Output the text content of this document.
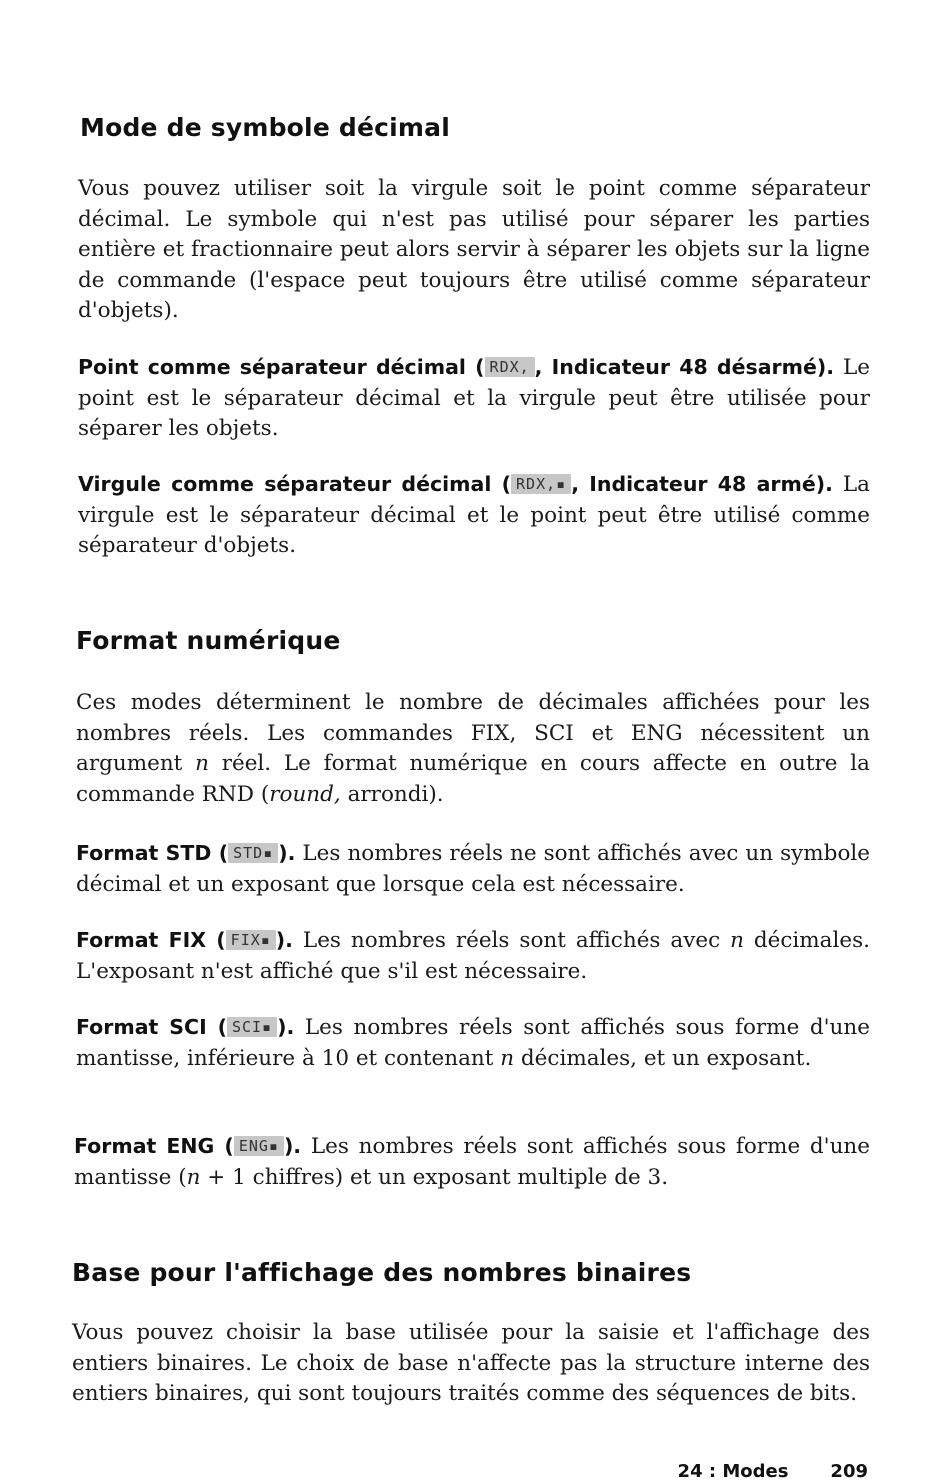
Mode de symbole décimal

Vous pouvez utiliser soit la virgule soit le point comme séparateur décimal. Le symbole qui n'est pas utilisé pour séparer les parties entière et fractionnaire peut alors servir à séparer les objets sur la ligne de commande (l'espace peut toujours être utilisé comme séparateur d'objets).

Point comme séparateur décimal ( RDX, , Indicateur 48 désarmé). Le point est le séparateur décimal et la virgule peut être utilisée pour séparer les objets.

Virgule comme séparateur décimal ( RDX,▪ , Indicateur 48 armé). La virgule est le séparateur décimal et le point peut être utilisé comme séparateur d'objets.

Format numérique

Ces modes déterminent le nombre de décimales affichées pour les nombres réels. Les commandes FIX, SCI et ENG nécessitent un argument n réel. Le format numérique en cours affecte en outre la commande RND (round, arrondi).

Format STD ( STD▪ ). Les nombres réels ne sont affichés avec un symbole décimal et un exposant que lorsque cela est nécessaire.

Format FIX ( FIX▪ ). Les nombres réels sont affichés avec n décimales. L'exposant n'est affiché que s'il est nécessaire.

Format SCI ( SCI▪ ). Les nombres réels sont affichés sous forme d'une mantisse, inférieure à 10 et contenant n décimales, et un exposant.

Format ENG ( ENG▪ ). Les nombres réels sont affichés sous forme d'une mantisse (n + 1 chiffres) et un exposant multiple de 3.

Base pour l'affichage des nombres binaires

Vous pouvez choisir la base utilisée pour la saisie et l'affichage des entiers binaires. Le choix de base n'affecte pas la structure interne des entiers binaires, qui sont toujours traités comme des séquences de bits.

24 : Modes 209
